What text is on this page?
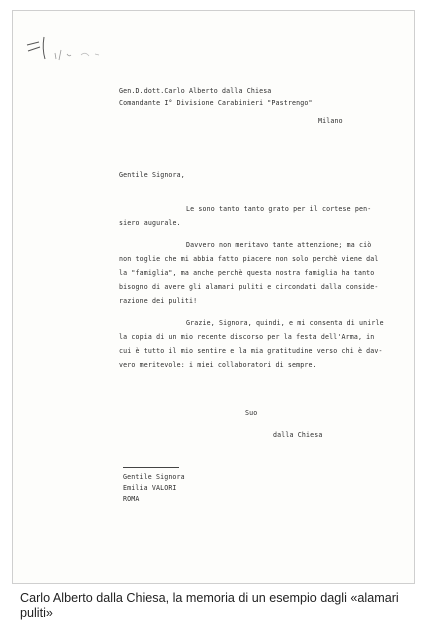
Gen.D.dott.Carlo Alberto dalla Chiesa
Comandante I° Divisione Carabinieri "Pastrengo"
Milano
Gentile Signora,
Le sono tanto tanto grato per il cortese pen-
siero augurale.
Davvero non meritavo tante attenzione; ma ciò
non toglie che mi abbia fatto piacere non solo perchè viene dal
la "famiglia", ma anche perchè questa nostra famiglia ha tanto
bisogno di avere gli alamari puliti e circondati dalla conside-
razione dei puliti!
Grazie, Signora, quindi, e mi consenta di unirle
la copia di un mio recente discorso per la festa dell'Arma, in
cui è tutto il mio sentire e la mia gratitudine verso chi è dav-
vero meritevole: i miei collaboratori di sempre.
Suo
dalla Chiesa
Gentile Signora
Emilia VALORI
ROMA
Carlo Alberto dalla Chiesa, la memoria di un esempio dagli «alamari puliti»
